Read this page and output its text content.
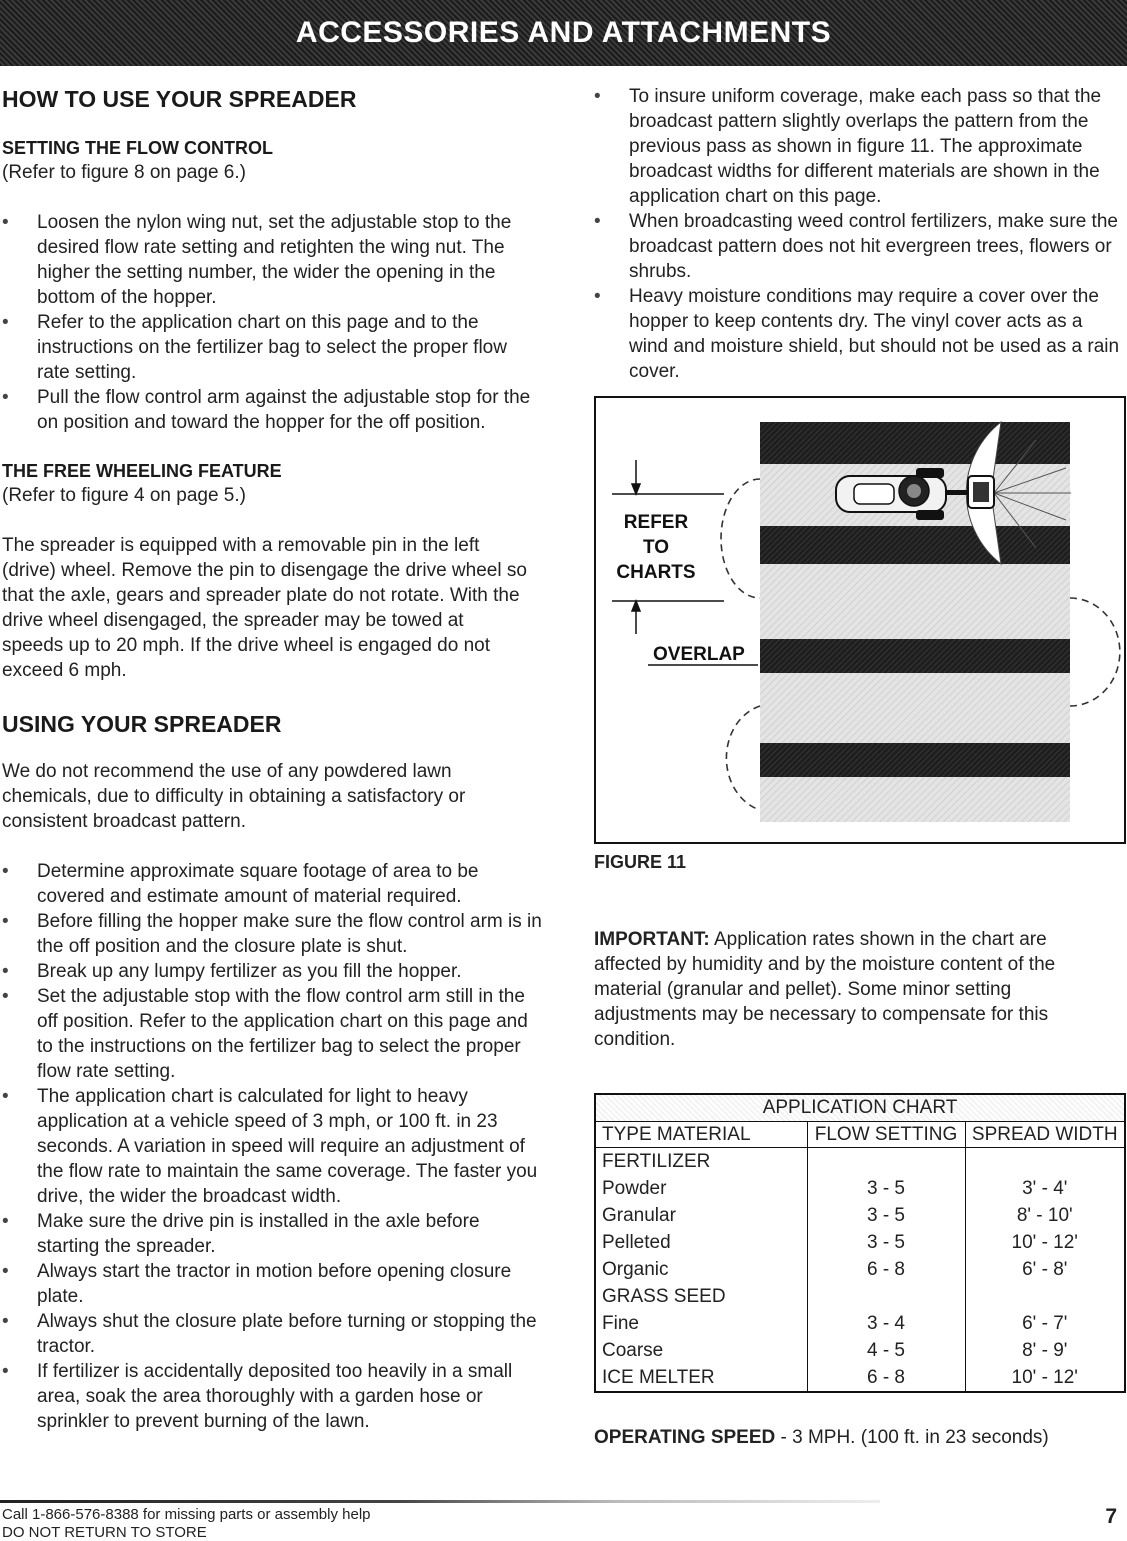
ACCESSORIES AND ATTACHMENTS
HOW TO USE YOUR SPREADER
SETTING THE FLOW CONTROL

(Refer to figure 8 on page 6.)

• Loosen the nylon wing nut, set the adjustable stop to the desired flow rate setting and retighten the wing nut. The higher the setting number, the wider the opening in the bottom of the hopper.
• Refer to the application chart on this page and to the instructions on the fertilizer bag to select the proper flow rate setting.
• Pull the flow control arm against the adjustable stop for the on position and toward the hopper for the off position.
THE FREE WHEELING FEATURE

(Refer to figure 4 on page 5.)

The spreader is equipped with a removable pin in the left (drive) wheel. Remove the pin to disengage the drive wheel so that the axle, gears and spreader plate do not rotate. With the drive wheel disengaged, the spreader may be towed at speeds up to 20 mph. If the drive wheel is engaged do not exceed 6 mph.

USING YOUR SPREADER

We do not recommend the use of any powdered lawn chemicals, due to difficulty in obtaining a satisfactory or consistent broadcast pattern.

• Determine approximate square footage of area to be covered and estimate amount of material required.
• Before filling the hopper make sure the flow control arm is in the off position and the closure plate is shut.
• Break up any lumpy fertilizer as you fill the hopper.
• Set the adjustable stop with the flow control arm still in the off position. Refer to the application chart on this page and to the instructions on the fertilizer bag to select the proper flow rate setting.
• The application chart is calculated for light to heavy application at a vehicle speed of 3 mph, or 100 ft. in 23 seconds. A variation in speed will require an adjustment of the flow rate to maintain the same coverage. The faster you drive, the wider the broadcast width.
• Make sure the drive pin is installed in the axle before starting the spreader.
• Always start the tractor in motion before opening closure plate.
• Always shut the closure plate before turning or stopping the tractor.
• If fertilizer is accidentally deposited too heavily in a small area, soak the area thoroughly with a garden hose or sprinkler to prevent burning of the lawn.
• To insure uniform coverage, make each pass so that the broadcast pattern slightly overlaps the pattern from the previous pass as shown in figure 11. The approximate broadcast widths for different materials are shown in the application chart on this page.
• When broadcasting weed control fertilizers, make sure the broadcast pattern does not hit evergreen trees, flowers or shrubs.
• Heavy moisture conditions may require a cover over the hopper to keep contents dry. The vinyl cover acts as a wind and moisture shield, but should not be used as a rain cover.
REFER
TO
CHARTS
OVERLAP
FIGURE 11
IMPORTANT: Application rates shown in the chart are affected by humidity and by the moisture content of the material (granular and pellet). Some minor setting adjustments may be necessary to compensate for this condition.
APPLICATION CHART		
TYPE MATERIAL	FLOW SETTING	SPREAD WIDTH
FERTILIZER		
Powder	3 - 5	3' - 4'
Granular	3 - 5	8' - 10'
Pelleted	3 - 5	10' - 12'
Organic	6 - 8	6' - 8'
GRASS SEED		
Fine	3 - 4	6' - 7'
Coarse	4 - 5	8' - 9'
ICE MELTER	6 - 8	10' - 12'
OPERATING SPEED - 3 MPH. (100 ft. in 23 seconds)
Call 1-866-576-8388 for missing parts or assembly help
DO NOT RETURN TO STORE
7
